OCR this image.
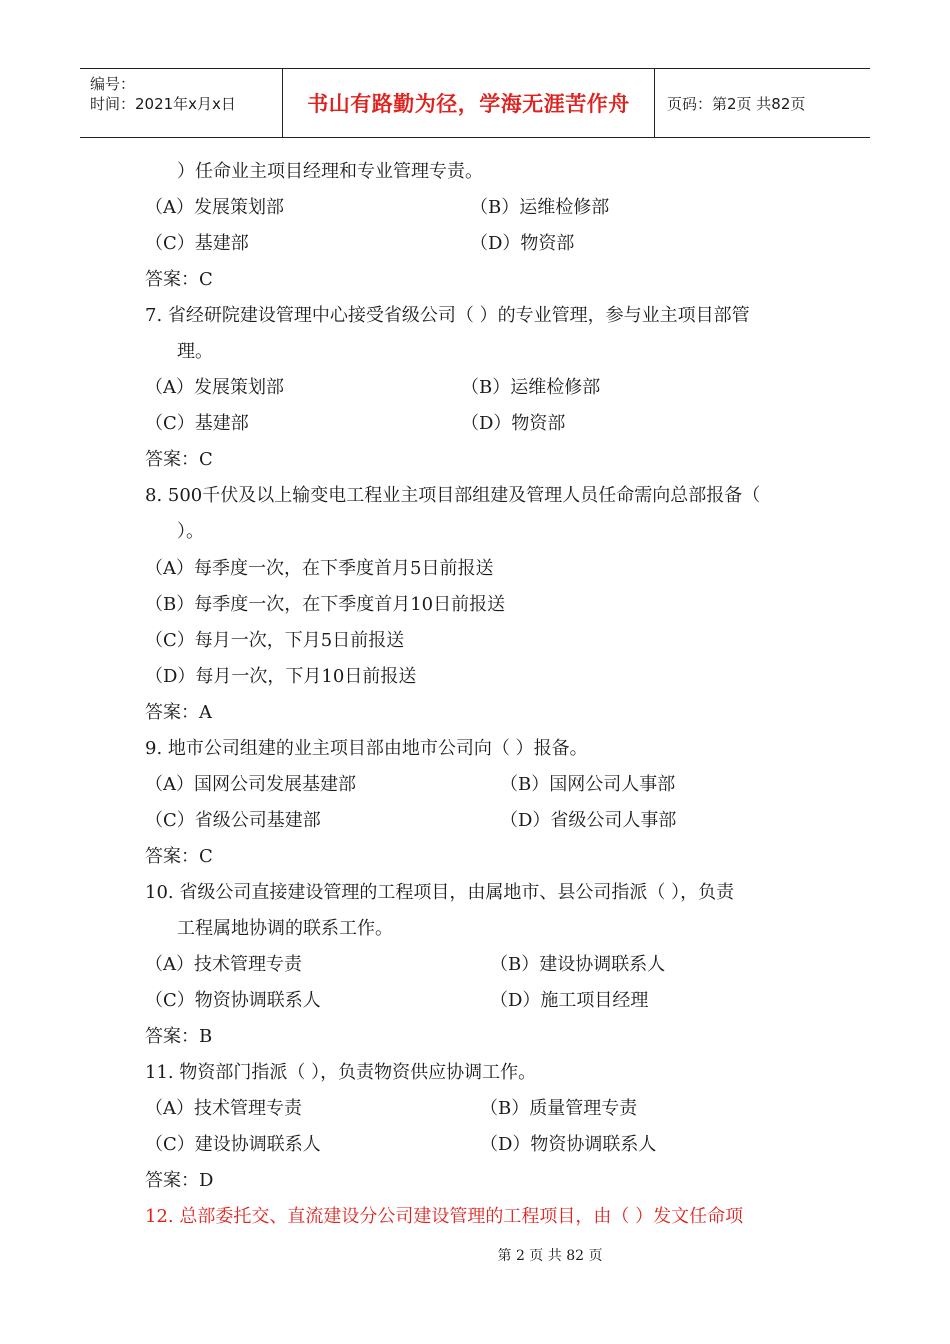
编号：
时间：2021年x月x日	书山有路勤为径，学海无涯苦作舟	页码：第2页 共82页
）任命业主项目经理和专业管理专责。
（A）发展策划部	（B）运维检修部
（C）基建部	（D）物资部
答案：C
7. 省经研院建设管理中心接受省级公司（ ）的专业管理，参与业主项目部管
理。
（A）发展策划部	（B）运维检修部
（C）基建部	（D）物资部
答案：C
8. 500千伏及以上输变电工程业主项目部组建及管理人员任命需向总部报备（
）。
（A）每季度一次，在下季度首月5日前报送
（B）每季度一次，在下季度首月10日前报送
（C）每月一次，下月5日前报送
（D）每月一次，下月10日前报送
答案：A
9. 地市公司组建的业主项目部由地市公司向（ ）报备。
（A）国网公司发展基建部	（B）国网公司人事部
（C）省级公司基建部	（D）省级公司人事部
答案：C
10. 省级公司直接建设管理的工程项目，由属地市、县公司指派（ ），负责
工程属地协调的联系工作。
（A）技术管理专责	（B）建设协调联系人
（C）物资协调联系人	（D）施工项目经理
答案：B
11. 物资部门指派（ ），负责物资供应协调工作。
（A）技术管理专责	（B）质量管理专责
（C）建设协调联系人	（D）物资协调联系人
答案：D
12. 总部委托交、直流建设分公司建设管理的工程项目，由（ ）发文任命项
第 2 页 共 82 页
